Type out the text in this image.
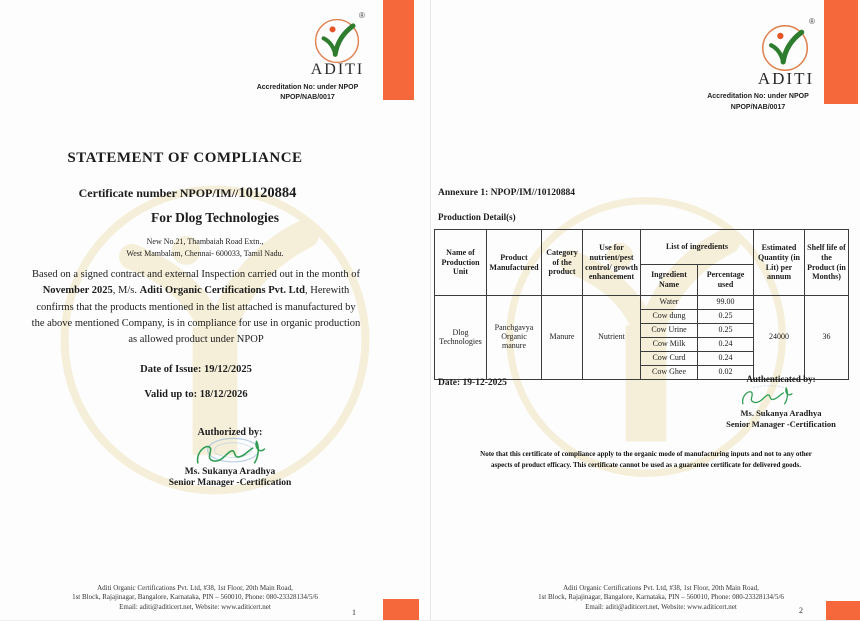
®
ADITI
Accreditation No: under NPOP
NPOP/NAB/0017
STATEMENT OF COMPLIANCE
Certificate number NPOP/IM//10120884
For Dlog Technologies
New No.21, Thambaiah Road Extn.,
West Mambalam, Chennai- 600033, Tamil Nadu.
Based on a signed contract and external Inspection carried out in the month of November 2025, M/s. Aditi Organic Certifications Pvt. Ltd, Herewith confirms that the products mentioned in the list attached is manufactured by the above mentioned Company, is in compliance for use in organic production as allowed product under NPOP
Date of Issue: 19/12/2025
Valid up to: 18/12/2026
Authorized by:
Ms. Sukanya Aradhya
Senior Manager -Certification
Aditi Organic Certifications Pvt. Ltd, #38, 1st Floor, 20th Main Road,
1st Block, Rajajinagar, Bangalore, Karnataka, PIN – 560010, Phone: 080-23328134/5/6
Email: aditi@aditicert.net, Website: www.aditicert.net
1
®
ADITI
Accreditation No: under NPOP
NPOP/NAB/0017
Annexure 1: NPOP/IM//10120884
Production Detail(s)
Name of Production Unit	Product Manufactured	Category of the product	Use for nutrient/pest control/ growth enhancement	List of ingredients		Estimated Quantity (in Lit) per annum	Shelf life of the Product (in Months)
				Ingredient Name	Percentage used		
Dlog Technologies	Panchgavya Organic manure	Manure	Nutrient	Water	99.00	24000	36
				Cow dung	0.25		
				Cow Urine	0.25		
				Cow Milk	0.24		
				Cow Curd	0.24		
				Cow Ghee	0.02		
Date: 19-12-2025	Authenticated by:
Ms. Sukanya Aradhya
Senior Manager -Certification
Note that this certificate of compliance apply to the organic mode of manufacturing inputs and not to any other
aspects of product efficacy. This certificate cannot be used as a guarantee certificate for delivered goods.
Aditi Organic Certifications Pvt. Ltd, #38, 1st Floor, 20th Main Road,
1st Block, Rajajinagar, Bangalore, Karnataka, PIN – 560010, Phone: 080-23328134/5/6
Email: aditi@aditicert.net, Website: www.aditicert.net	2
